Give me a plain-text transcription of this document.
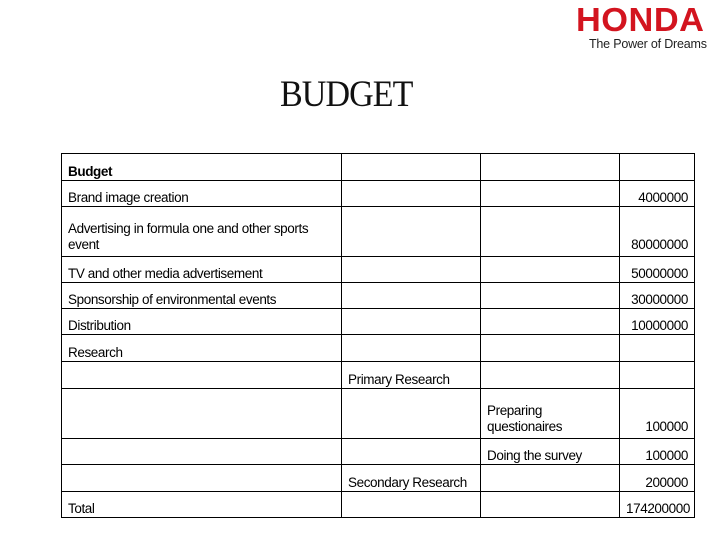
HONDA
The Power of Dreams
BUDGET
Budget			
Brand image creation			4000000
Advertising in formula one and other sports event			80000000
TV and other media advertisement			50000000
Sponsorship of environmental events			30000000
Distribution			10000000
Research			
	Primary Research		
		Preparing questionaires	100000
		Doing the survey	100000
	Secondary Research		200000
Total			174200000
